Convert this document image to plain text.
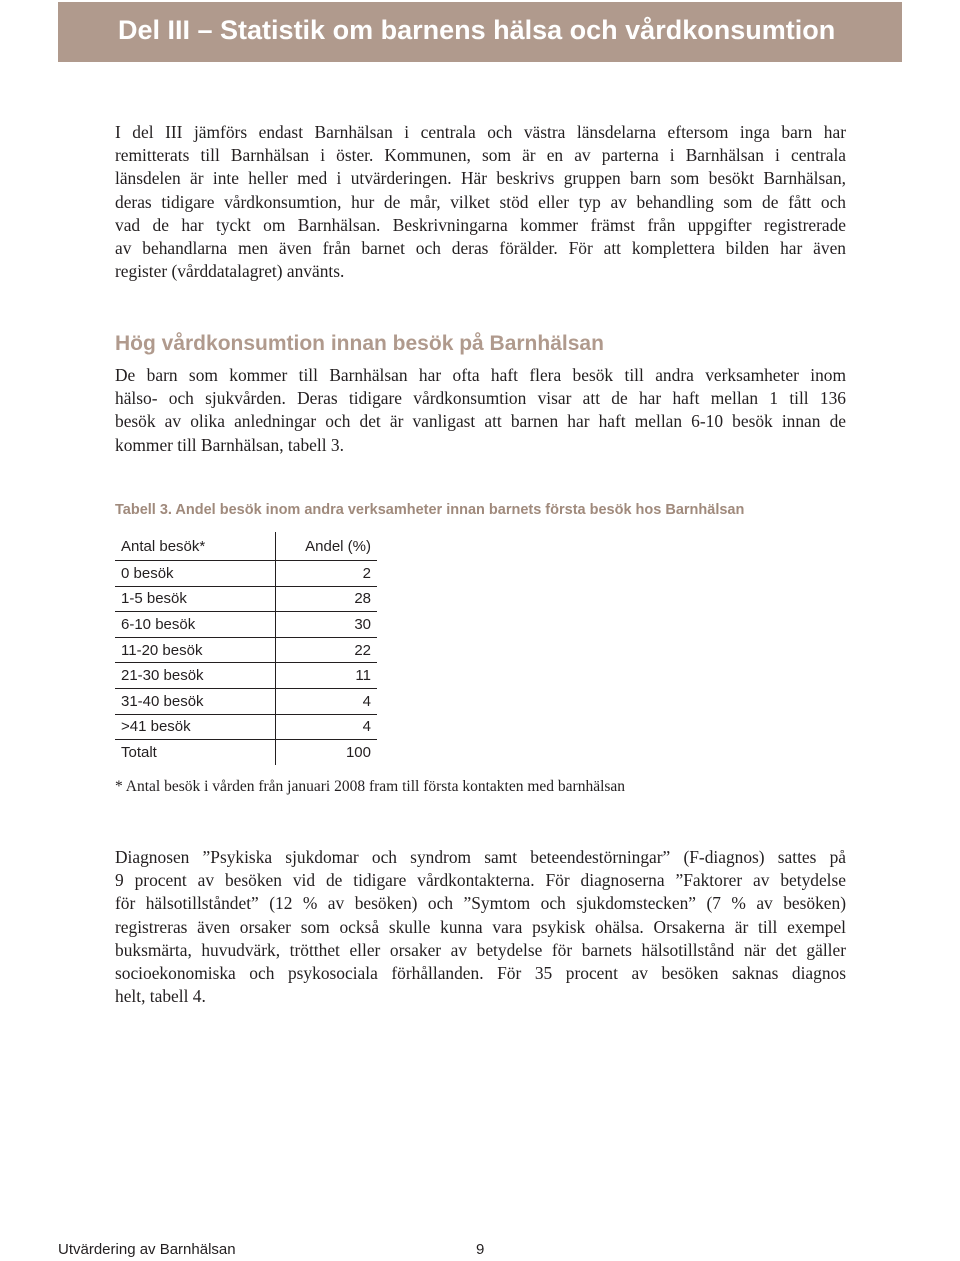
Del III – Statistik om barnens hälsa och vårdkonsumtion

I del III jämförs endast Barnhälsan i centrala och västra länsdelarna eftersom inga barn har
remitterats till Barnhälsan i öster. Kommunen, som är en av parterna i Barnhälsan i centrala
länsdelen är inte heller med i utvärderingen. Här beskrivs gruppen barn som besökt Barnhälsan,
deras tidigare vårdkonsumtion, hur de mår, vilket stöd eller typ av behandling som de fått och
vad de har tyckt om Barnhälsan. Beskrivningarna kommer främst från uppgifter registrerade
av behandlarna men även från barnet och deras förälder. För att komplettera bilden har även
register (vårddatalagret) använts.

Hög vårdkonsumtion innan besök på Barnhälsan

De barn som kommer till Barnhälsan har ofta haft flera besök till andra verksamheter inom
hälso- och sjukvården. Deras tidigare vårdkonsumtion visar att de har haft mellan 1 till 136
besök av olika anledningar och det är vanligast att barnen har haft mellan 6-10 besök innan de
kommer till Barnhälsan, tabell 3.

Tabell 3. Andel besök inom andra verksamheter innan barnets första besök hos Barnhälsan

Antal besök*	Andel (%)
0 besök	2
1-5 besök	28
6-10 besök	30
11-20 besök	22
21-30 besök	11
31-40 besök	4
>41 besök	4
Totalt	100

* Antal besök i vården från januari 2008 fram till första kontakten med barnhälsan

Diagnosen ”Psykiska sjukdomar och syndrom samt beteendestörningar” (F-diagnos) sattes på
9 procent av besöken vid de tidigare vårdkontakterna. För diagnoserna ”Faktorer av betydelse
för hälsotillståndet” (12 % av besöken) och ”Symtom och sjukdomstecken” (7 % av besöken)
registreras även orsaker som också skulle kunna vara psykisk ohälsa. Orsakerna är till exempel
buksmärta, huvudvärk, trötthet eller orsaker av betydelse för barnets hälsotillstånd när det gäller
socioekonomiska och psykosociala förhållanden. För 35 procent av besöken saknas diagnos
helt, tabell 4.

Utvärdering av Barnhälsan	9
